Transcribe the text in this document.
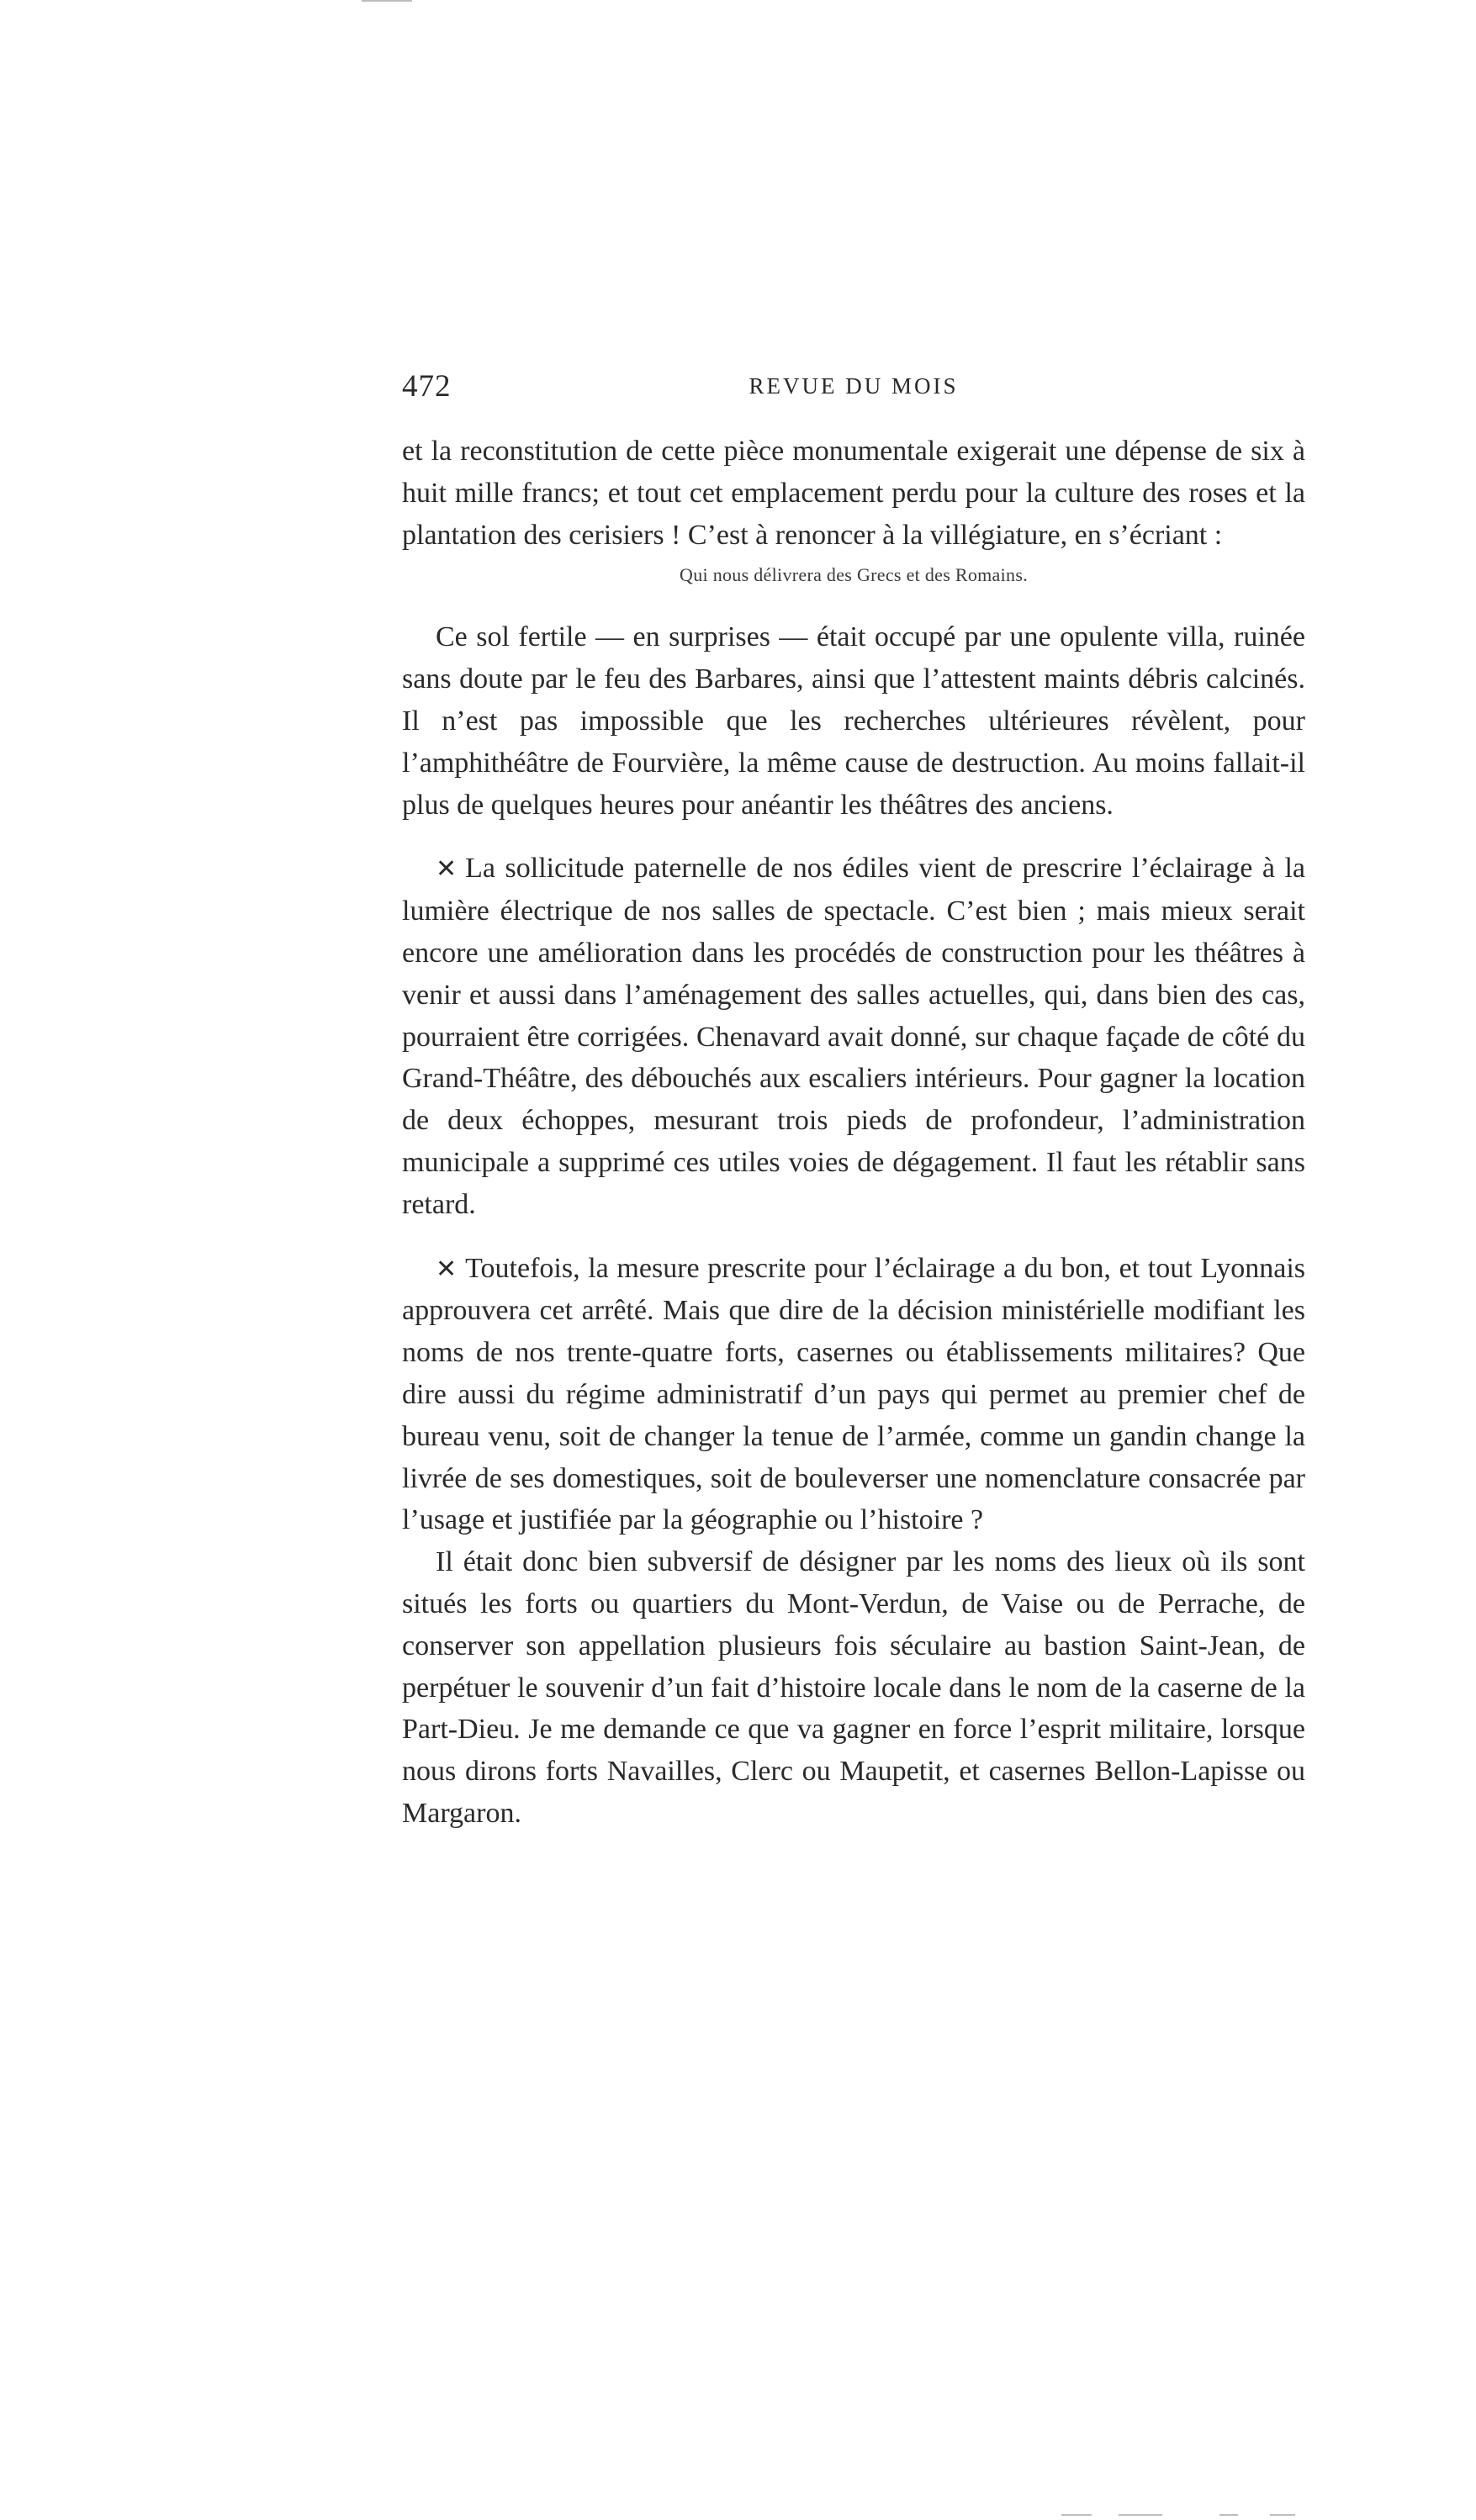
472	REVUE DU MOIS

et la reconstitution de cette pièce monumentale exigerait une dépense de six à huit mille francs; et tout cet emplacement perdu pour la culture des roses et la plantation des cerisiers ! C’est à renoncer à la villégiature, en s’écriant :

Qui nous délivrera des Grecs et des Romains.

Ce sol fertile — en surprises — était occupé par une opulente villa, ruinée sans doute par le feu des Barbares, ainsi que l’attestent maints débris calcinés. Il n’est pas impossible que les recherches ultérieures révèlent, pour l’amphithéâtre de Fourvière, la même cause de destruction. Au moins fallait-il plus de quelques heures pour anéantir les théâtres des anciens.

✕ La sollicitude paternelle de nos édiles vient de prescrire l’éclairage à la lumière électrique de nos salles de spectacle. C’est bien ; mais mieux serait encore une amélioration dans les procédés de construction pour les théâtres à venir et aussi dans l’aménagement des salles actuelles, qui, dans bien des cas, pourraient être corrigées. Chenavard avait donné, sur chaque façade de côté du Grand-Théâtre, des débouchés aux escaliers intérieurs. Pour gagner la location de deux échoppes, mesurant trois pieds de profondeur, l’administration municipale a supprimé ces utiles voies de dégagement. Il faut les rétablir sans retard.

✕ Toutefois, la mesure prescrite pour l’éclairage a du bon, et tout Lyonnais approuvera cet arrêté. Mais que dire de la décision ministérielle modifiant les noms de nos trente-quatre forts, casernes ou établissements militaires? Que dire aussi du régime administratif d’un pays qui permet au premier chef de bureau venu, soit de changer la tenue de l’armée, comme un gandin change la livrée de ses domestiques, soit de bouleverser une nomenclature consacrée par l’usage et justifiée par la géographie ou l’histoire ?

Il était donc bien subversif de désigner par les noms des lieux où ils sont situés les forts ou quartiers du Mont-Verdun, de Vaise ou de Perrache, de conserver son appellation plusieurs fois séculaire au bastion Saint-Jean, de perpétuer le souvenir d’un fait d’histoire locale dans le nom de la caserne de la Part-Dieu. Je me demande ce que va gagner en force l’esprit militaire, lorsque nous dirons forts Navailles, Clerc ou Maupetit, et casernes Bellon-Lapisse ou Margaron.
